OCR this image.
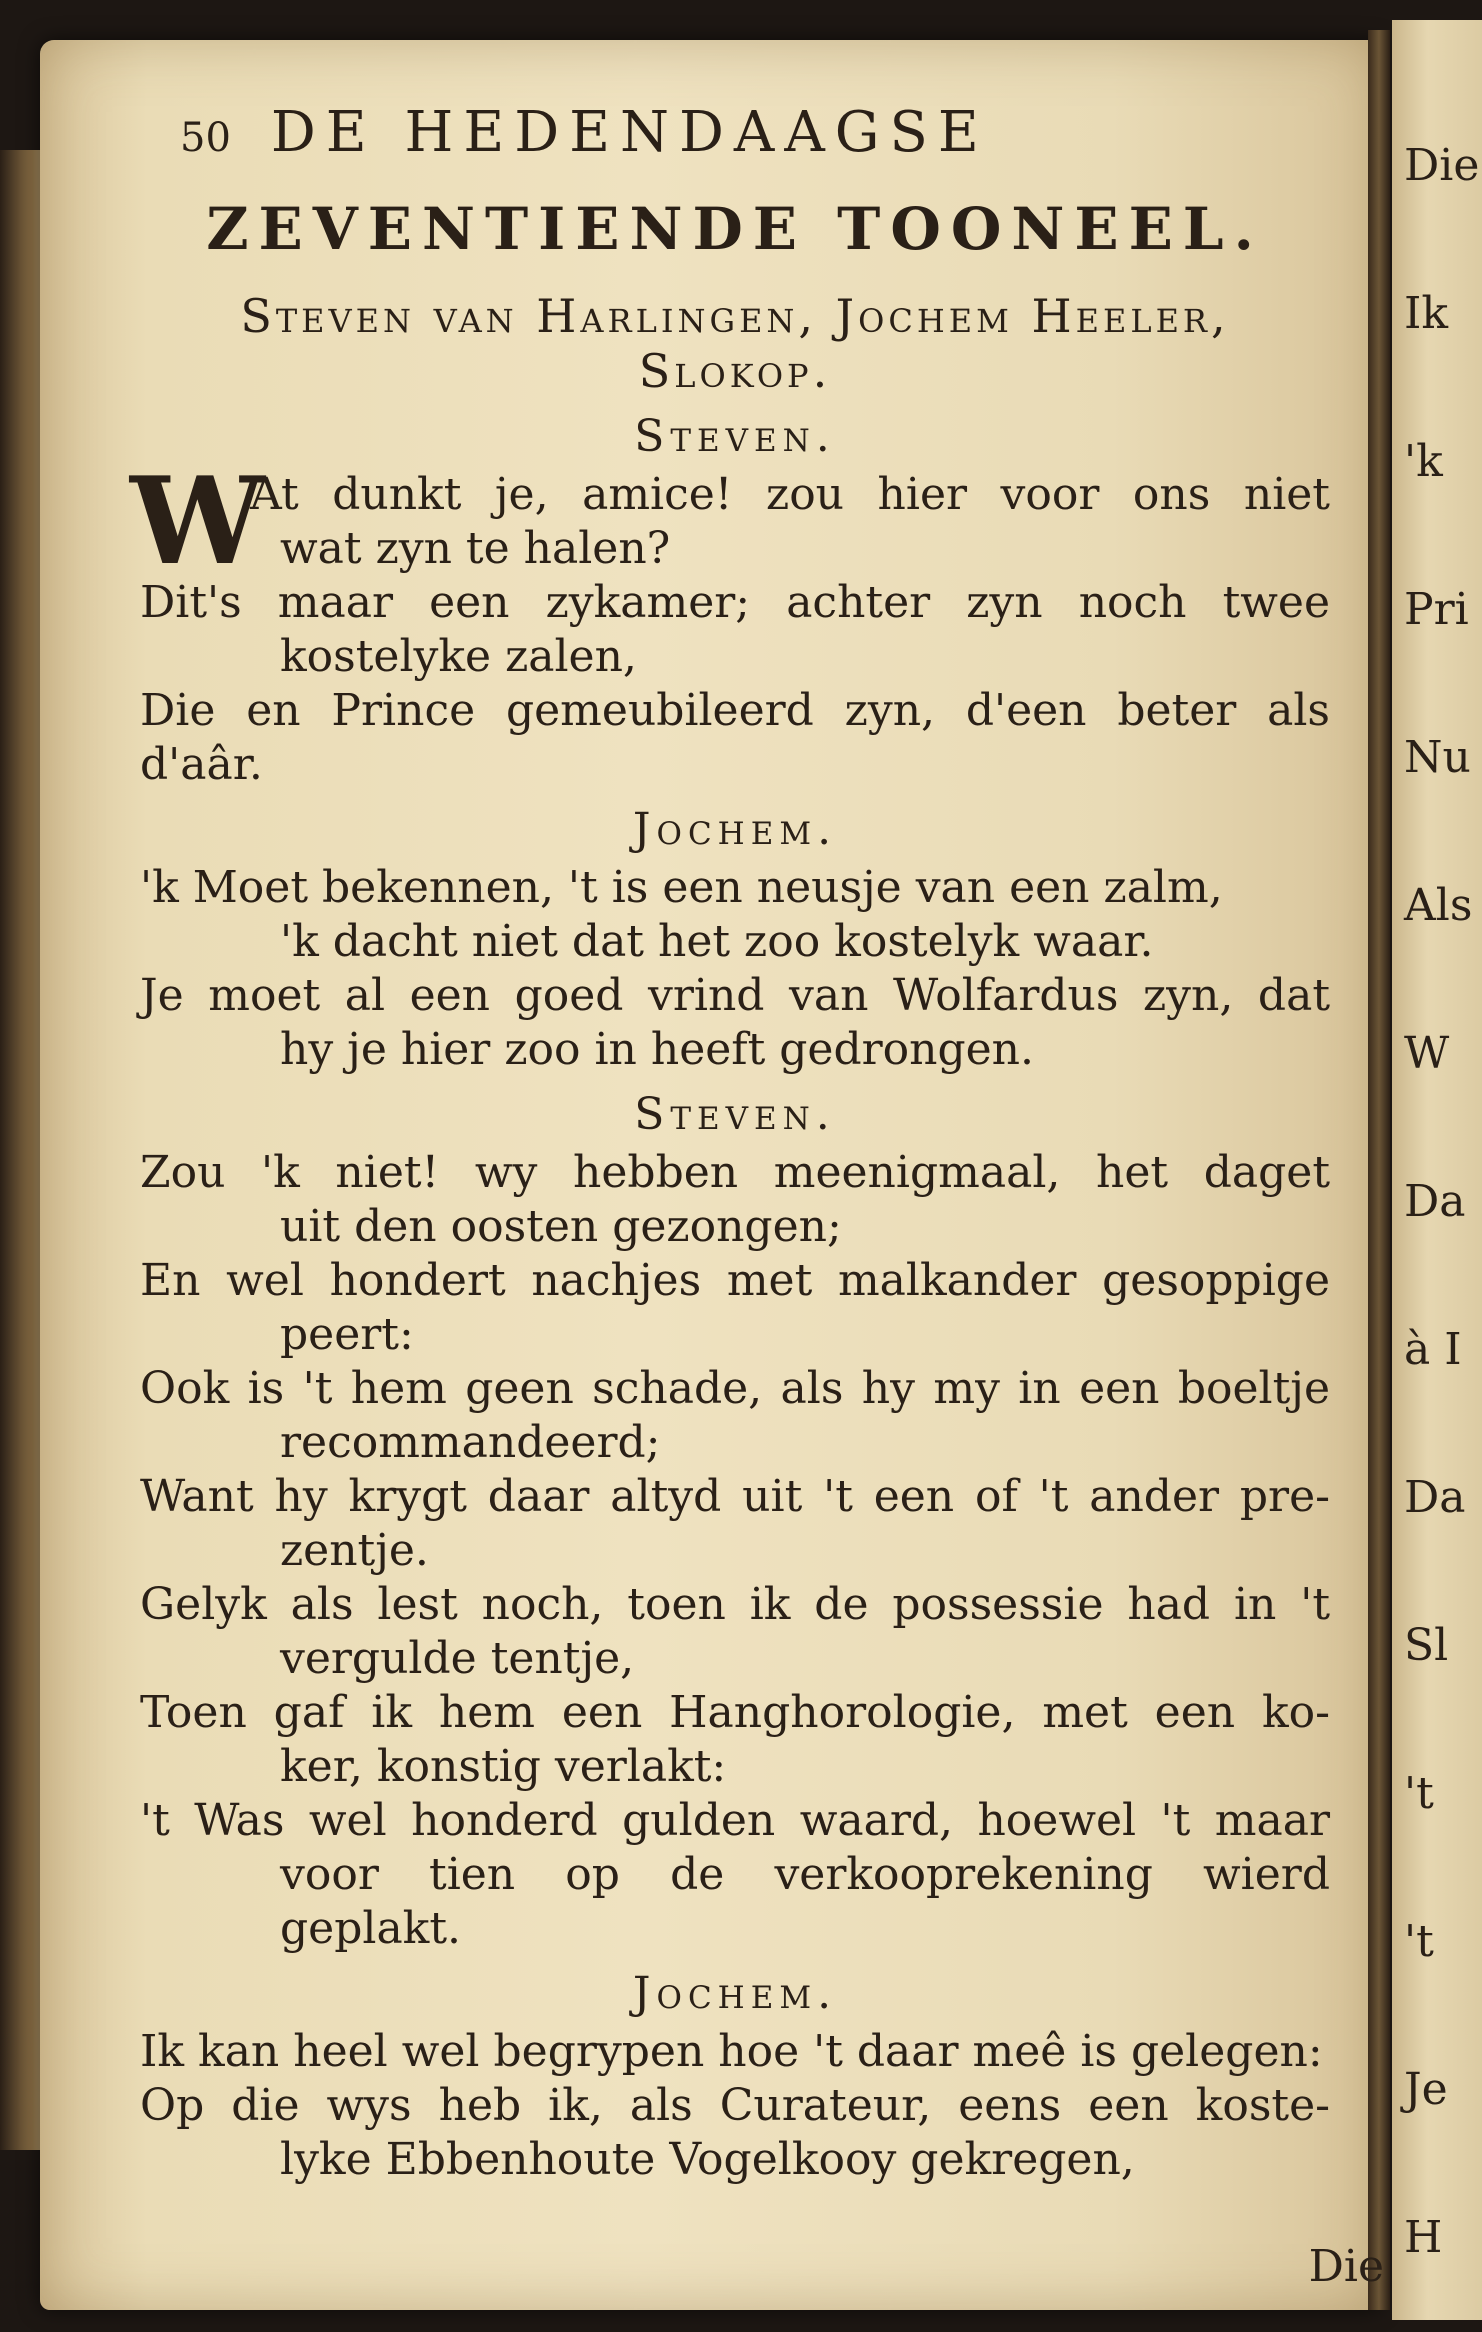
Die
Ik
'k
Pri
Nu
Als
W
Da
à I
Da
Sl
't
't
Je
H
50 DE HEDENDAAGSE
ZEVENTIENDE TOONEEL.
Steven van Harlingen, Jochem Heeler, Slokop.
Steven.
W
At dunkt je, amice! zou hier voor ons niet
wat zyn te halen?
Dit's maar een zykamer; achter zyn noch twee
kostelyke zalen,
Die en Prince gemeubileerd zyn, d'een beter als d'aâr.
Jochem.
'k Moet bekennen, 't is een neusje van een zalm,
'k dacht niet dat het zoo kostelyk waar.
Je moet al een goed vrind van Wolfardus zyn, dat
hy je hier zoo in heeft gedrongen.
Steven.
Zou 'k niet! wy hebben meenigmaal, het daget
uit den oosten gezongen;
En wel hondert nachjes met malkander gesoppige
peert:
Ook is 't hem geen schade, als hy my in een boeltje
recommandeerd;
Want hy krygt daar altyd uit 't een of 't ander pre-
zentje.
Gelyk als lest noch, toen ik de possessie had in 't
vergulde tentje,
Toen gaf ik hem een Hanghorologie, met een ko-
ker, konstig verlakt:
't Was wel honderd gulden waard, hoewel 't maar
voor tien op de verkooprekening wierd geplakt.
Jochem.
Ik kan heel wel begrypen hoe 't daar meê is gelegen:
Op die wys heb ik, als Curateur, eens een koste-
lyke Ebbenhoute Vogelkooy gekregen,
Die
